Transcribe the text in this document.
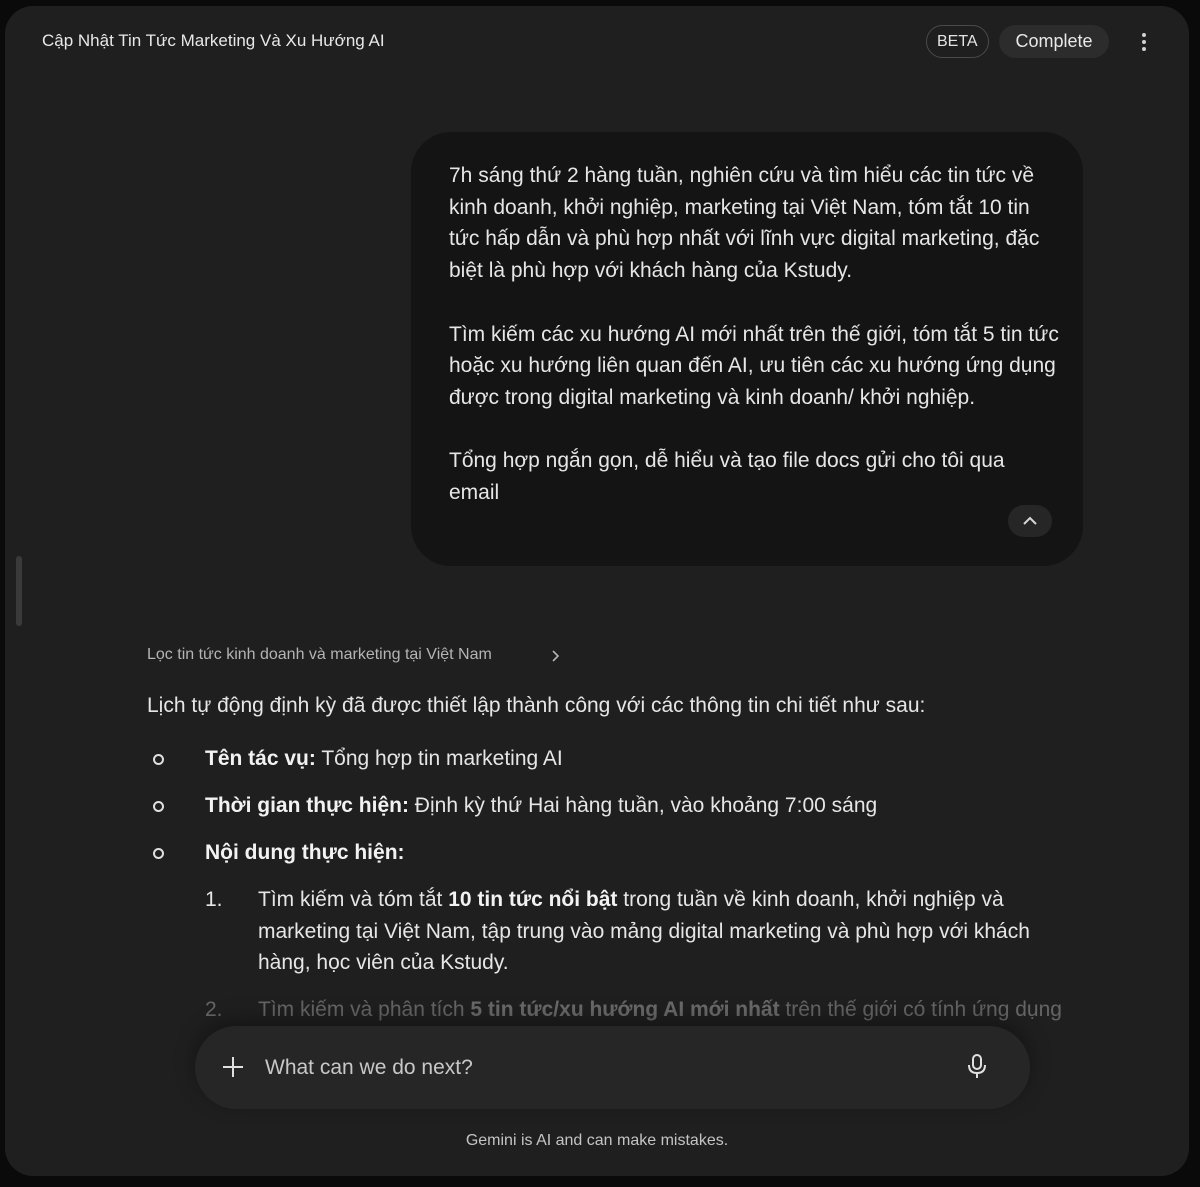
Cập Nhật Tin Tức Marketing Và Xu Hướng AI	BETA	Complete

7h sáng thứ 2 hàng tuần, nghiên cứu và tìm hiểu các tin tức về kinh doanh, khởi nghiệp, marketing tại Việt Nam, tóm tắt 10 tin tức hấp dẫn và phù hợp nhất với lĩnh vực digital marketing, đặc biệt là phù hợp với khách hàng của Kstudy.

Tìm kiếm các xu hướng AI mới nhất trên thế giới, tóm tắt 5 tin tức hoặc xu hướng liên quan đến AI, ưu tiên các xu hướng ứng dụng được trong digital marketing và kinh doanh/ khởi nghiệp.

Tổng hợp ngắn gọn, dễ hiểu và tạo file docs gửi cho tôi qua email

Lọc tin tức kinh doanh và marketing tại Việt Nam
Lịch tự động định kỳ đã được thiết lập thành công với các thông tin chi tiết như sau:
Tên tác vụ: Tổng hợp tin marketing AI
Thời gian thực hiện: Định kỳ thứ Hai hàng tuần, vào khoảng 7:00 sáng
Nội dung thực hiện:
1. Tìm kiếm và tóm tắt 10 tin tức nổi bật trong tuần về kinh doanh, khởi nghiệp và marketing tại Việt Nam, tập trung vào mảng digital marketing và phù hợp với khách hàng, học viên của Kstudy.
2. Tìm kiếm và phân tích 5 tin tức/xu hướng AI mới nhất trên thế giới có tính ứng dụng
What can we do next?
Gemini is AI and can make mistakes.
